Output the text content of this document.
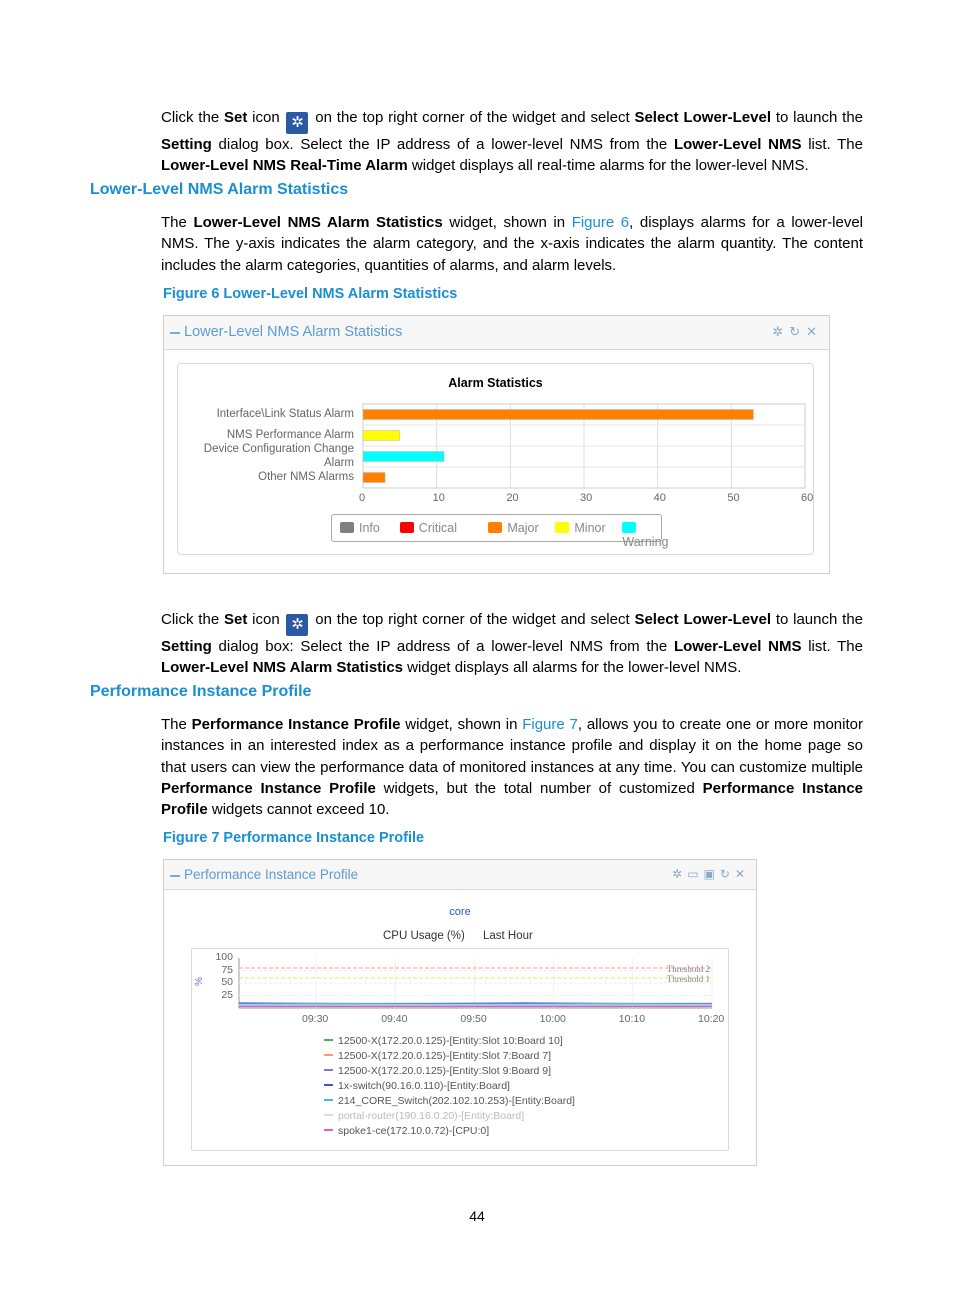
Click the Set icon ✲ on the top right corner of the widget and select Select Lower-Level to launch the Setting dialog box. Select the IP address of a lower-level NMS from the Lower-Level NMS list. The Lower-Level NMS Real-Time Alarm widget displays all real-time alarms for the lower-level NMS.
Lower-Level NMS Alarm Statistics
The Lower-Level NMS Alarm Statistics widget, shown in Figure 6, displays alarms for a lower-level NMS. The y-axis indicates the alarm category, and the x-axis indicates the alarm quantity. The content includes the alarm categories, quantities of alarms, and alarm levels.
Figure 6 Lower-Level NMS Alarm Statistics
Lower-Level NMS Alarm Statistics	✲↻✕
Alarm Statistics
Interface\Link Status Alarm
NMS Performance Alarm
Device Configuration Change
Alarm
Other NMS Alarms
0	10	20	30	40	50	60
Info	Critical	Major	Minor
Warning
Click the Set icon ✲ on the top right corner of the widget and select Select Lower-Level to launch the Setting dialog box: Select the IP address of a lower-level NMS from the Lower-Level NMS list. The Lower-Level NMS Alarm Statistics widget displays all alarms for the lower-level NMS.
Performance Instance Profile
The Performance Instance Profile widget, shown in Figure 7, allows you to create one or more monitor instances in an interested index as a performance instance profile and display it on the home page so that users can view the performance data of monitored instances at any time. You can customize multiple Performance Instance Profile widgets, but the total number of customized Performance Instance Profile widgets cannot exceed 10.
Figure 7 Performance Instance Profile
Performance Instance Profile	✲▭▣↻✕
core
CPU Usage (%) Last Hour
%
Threshold 2
Threshold 1
100
75
50
25
09:30	09:40	09:50	10:00	10:10	10:20
12500-X(172.20.0.125)-[Entity:Slot 10:Board 10]
12500-X(172.20.0.125)-[Entity:Slot 7:Board 7]
12500-X(172.20.0.125)-[Entity:Slot 9:Board 9]
1x-switch(90.16.0.110)-[Entity:Board]
214_CORE_Switch(202.102.10.253)-[Entity:Board]
portal-router(190.16.0.20)-[Entity:Board]
spoke1-ce(172.10.0.72)-[CPU:0]
44
